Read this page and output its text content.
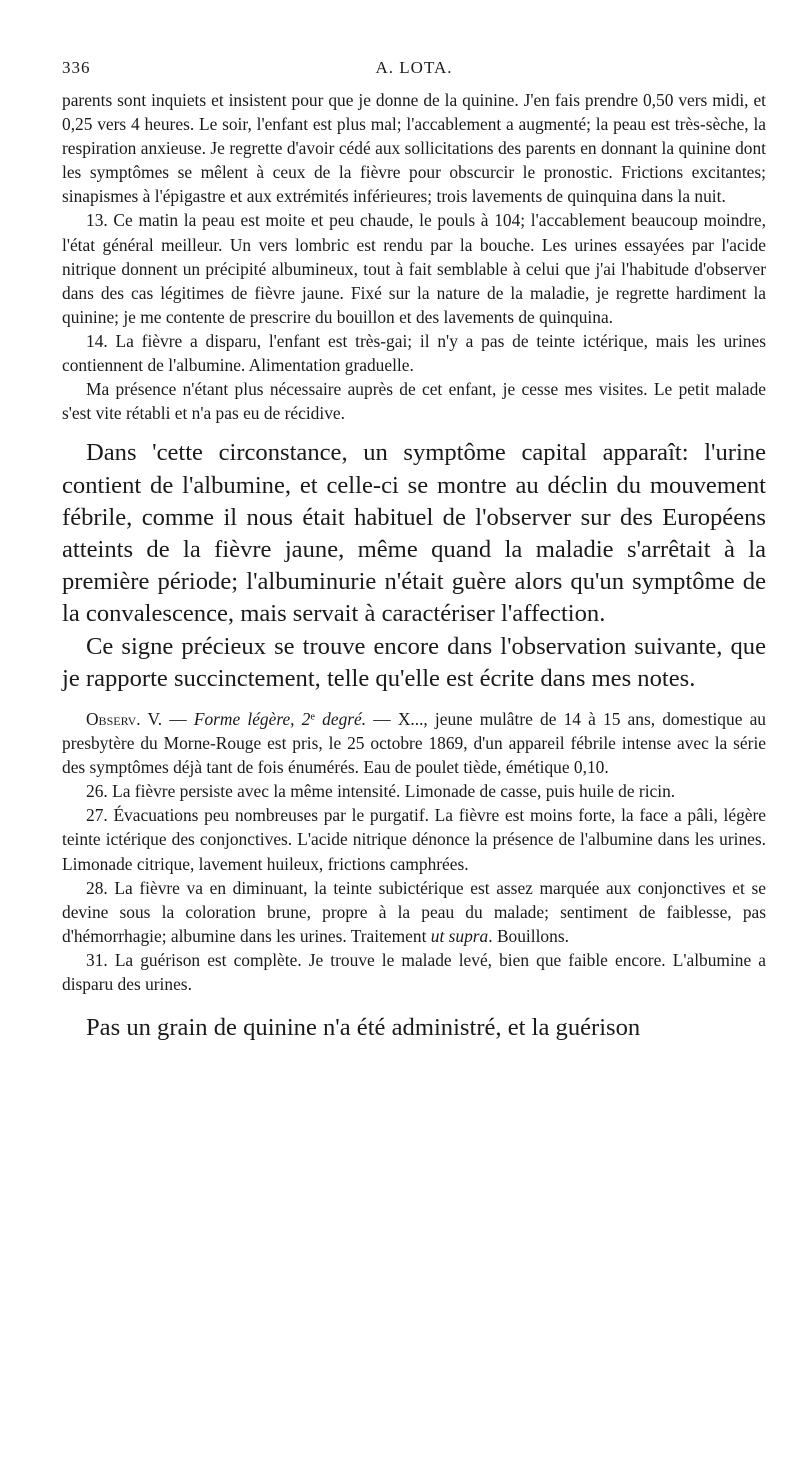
336	A. LOTA.

parents sont inquiets et insistent pour que je donne de la quinine. J'en fais prendre 0,50 vers midi, et 0,25 vers 4 heures. Le soir, l'enfant est plus mal; l'accablement a augmenté; la peau est très-sèche, la respiration anxieuse. Je regrette d'avoir cédé aux sollicitations des parents en donnant la quinine dont les symptômes se mêlent à ceux de la fièvre pour obscurcir le pronostic. Frictions excitantes; sinapismes à l'épigastre et aux extrémités inférieures; trois lavements de quinquina dans la nuit.

13. Ce matin la peau est moite et peu chaude, le pouls à 104; l'accablement beaucoup moindre, l'état général meilleur. Un vers lombric est rendu par la bouche. Les urines essayées par l'acide nitrique donnent un précipité albumineux, tout à fait semblable à celui que j'ai l'habitude d'observer dans des cas légitimes de fièvre jaune. Fixé sur la nature de la maladie, je regrette hardiment la quinine; je me contente de prescrire du bouillon et des lavements de quinquina.

14. La fièvre a disparu, l'enfant est très-gai; il n'y a pas de teinte ictérique, mais les urines contiennent de l'albumine. Alimentation graduelle.

Ma présence n'étant plus nécessaire auprès de cet enfant, je cesse mes visites. Le petit malade s'est vite rétabli et n'a pas eu de récidive.

Dans 'cette circonstance, un symptôme capital apparaît: l'urine contient de l'albumine, et celle-ci se montre au déclin du mouvement fébrile, comme il nous était habituel de l'observer sur des Européens atteints de la fièvre jaune, même quand la maladie s'arrêtait à la première période; l'albuminurie n'était guère alors qu'un symptôme de la convalescence, mais servait à caractériser l'affection.

Ce signe précieux se trouve encore dans l'observation suivante, que je rapporte succinctement, telle qu'elle est écrite dans mes notes.

Observ. V. — Forme légère, 2e degré. — X..., jeune mulâtre de 14 à 15 ans, domestique au presbytère du Morne-Rouge est pris, le 25 octobre 1869, d'un appareil fébrile intense avec la série des symptômes déjà tant de fois énumérés. Eau de poulet tiède, émétique 0,10.

26. La fièvre persiste avec la même intensité. Limonade de casse, puis huile de ricin.

27. Évacuations peu nombreuses par le purgatif. La fièvre est moins forte, la face a pâli, légère teinte ictérique des conjonctives. L'acide nitrique dénonce la présence de l'albumine dans les urines. Limonade citrique, lavement huileux, frictions camphrées.

28. La fièvre va en diminuant, la teinte subictérique est assez marquée aux conjonctives et se devine sous la coloration brune, propre à la peau du malade; sentiment de faiblesse, pas d'hémorrhagie; albumine dans les urines. Traitement ut supra. Bouillons.

31. La guérison est complète. Je trouve le malade levé, bien que faible encore. L'albumine a disparu des urines.

Pas un grain de quinine n'a été administré, et la guérison
